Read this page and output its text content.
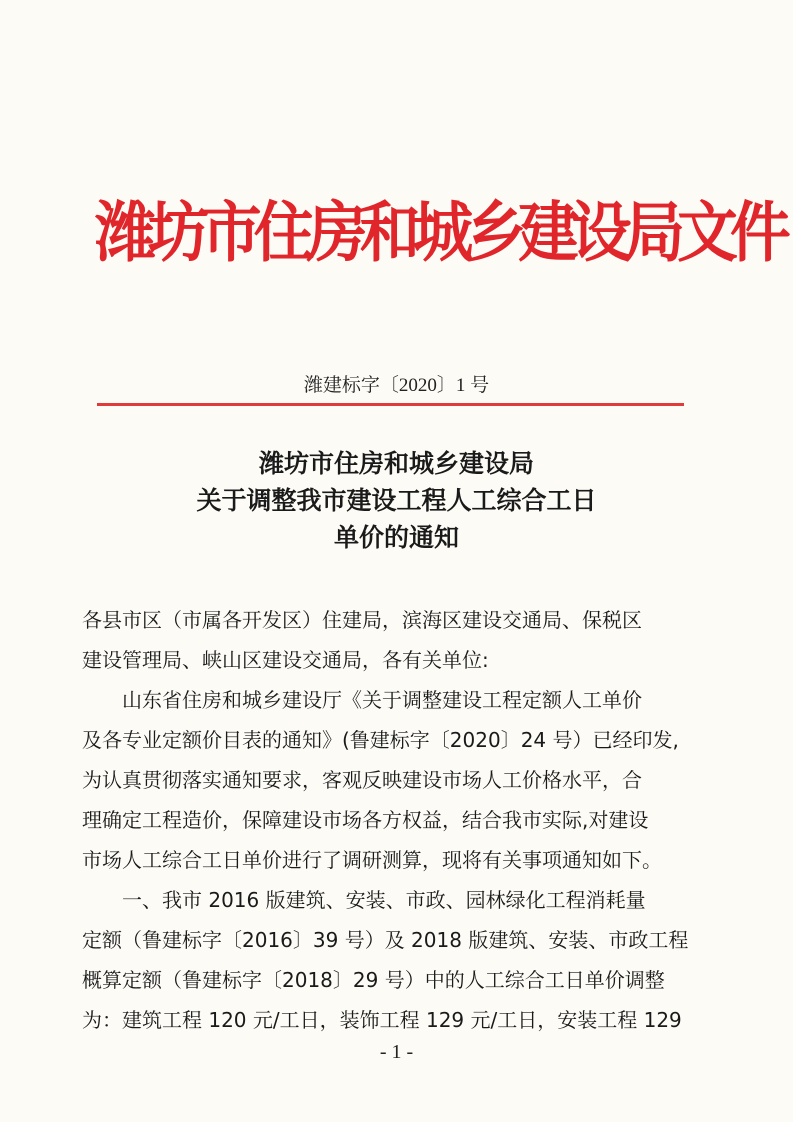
潍坊市住房和城乡建设局文件
潍建标字〔2020〕1 号
潍坊市住房和城乡建设局
关于调整我市建设工程人工综合工日
单价的通知
各县市区（市属各开发区）住建局，滨海区建设交通局、保税区
建设管理局、峡山区建设交通局，各有关单位:
　　山东省住房和城乡建设厅《关于调整建设工程定额人工单价
及各专业定额价目表的通知》(鲁建标字〔2020〕24 号）已经印发,
为认真贯彻落实通知要求，客观反映建设市场人工价格水平，合
理确定工程造价，保障建设市场各方权益，结合我市实际,对建设
市场人工综合工日单价进行了调研测算，现将有关事项通知如下。
　　一、我市 2016 版建筑、安装、市政、园林绿化工程消耗量
定额（鲁建标字〔2016〕39 号）及 2018 版建筑、安装、市政工程
概算定额（鲁建标字〔2018〕29 号）中的人工综合工日单价调整
为：建筑工程 120 元/工日，装饰工程 129 元/工日，安装工程 129
- 1 -
